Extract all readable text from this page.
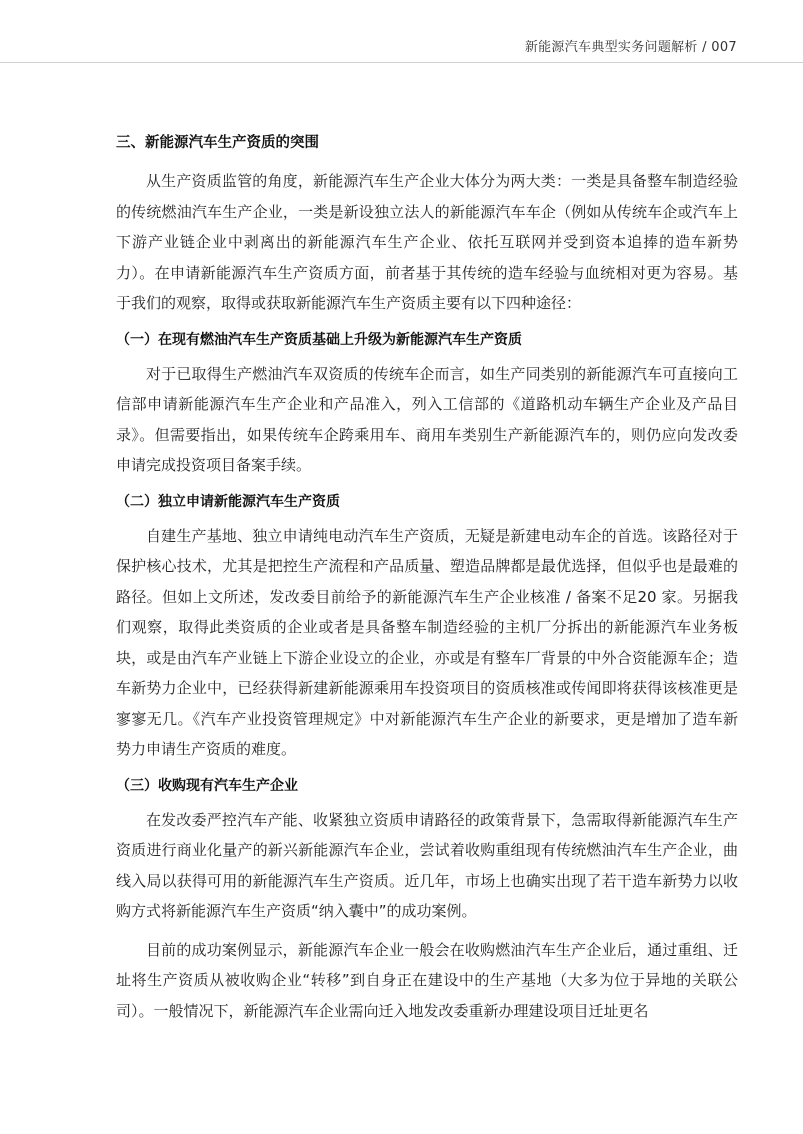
新能源汽车典型实务问题解析 / 007
三、新能源汽车生产资质的突围

从生产资质监管的角度，新能源汽车生产企业大体分为两大类：一类是具备整车制造经验的传统燃油汽车生产企业，一类是新设独立法人的新能源汽车车企（例如从传统车企或汽车上下游产业链企业中剥离出的新能源汽车生产企业、依托互联网并受到资本追捧的造车新势力）。在申请新能源汽车生产资质方面，前者基于其传统的造车经验与血统相对更为容易。基于我们的观察，取得或获取新能源汽车生产资质主要有以下四种途径：

（一）在现有燃油汽车生产资质基础上升级为新能源汽车生产资质

对于已取得生产燃油汽车双资质的传统车企而言，如生产同类别的新能源汽车可直接向工信部申请新能源汽车生产企业和产品准入，列入工信部的《道路机动车辆生产企业及产品目录》。但需要指出，如果传统车企跨乘用车、商用车类别生产新能源汽车的，则仍应向发改委申请完成投资项目备案手续。

（二）独立申请新能源汽车生产资质

自建生产基地、独立申请纯电动汽车生产资质，无疑是新建电动车企的首选。该路径对于保护核心技术，尤其是把控生产流程和产品质量、塑造品牌都是最优选择，但似乎也是最难的路径。但如上文所述，发改委目前给予的新能源汽车生产企业核准 / 备案不足20 家。另据我们观察，取得此类资质的企业或者是具备整车制造经验的主机厂分拆出的新能源汽车业务板块，或是由汽车产业链上下游企业设立的企业，亦或是有整车厂背景的中外合资能源车企；造车新势力企业中，已经获得新建新能源乘用车投资项目的资质核准或传闻即将获得该核准更是寥寥无几。《汽车产业投资管理规定》中对新能源汽车生产企业的新要求，更是增加了造车新势力申请生产资质的难度。

（三）收购现有汽车生产企业

在发改委严控汽车产能、收紧独立资质申请路径的政策背景下，急需取得新能源汽车生产资质进行商业化量产的新兴新能源汽车企业，尝试着收购重组现有传统燃油汽车生产企业，曲线入局以获得可用的新能源汽车生产资质。近几年，市场上也确实出现了若干造车新势力以收购方式将新能源汽车生产资质“纳入囊中”的成功案例。

目前的成功案例显示，新能源汽车企业一般会在收购燃油汽车生产企业后，通过重组、迁址将生产资质从被收购企业“转移”到自身正在建设中的生产基地（大多为位于异地的关联公司）。一般情况下，新能源汽车企业需向迁入地发改委重新办理建设项目迁址更名
